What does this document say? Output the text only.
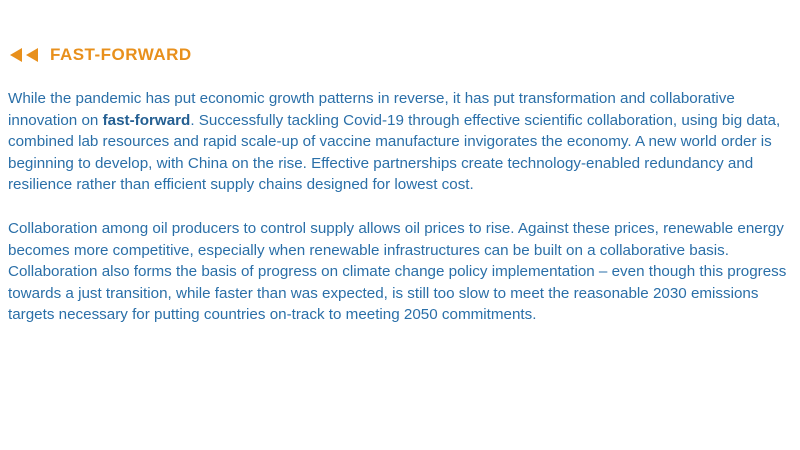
FAST-FORWARD

While the pandemic has put economic growth patterns in reverse, it has put transformation and collaborative innovation on fast-forward. Successfully tackling Covid-19 through effective scientific collaboration, using big data, combined lab resources and rapid scale-up of vaccine manufacture invigorates the economy. A new world order is beginning to develop, with China on the rise. Effective partnerships create technology-enabled redundancy and resilience rather than efficient supply chains designed for lowest cost.

Collaboration among oil producers to control supply allows oil prices to rise. Against these prices, renewable energy becomes more competitive, especially when renewable infrastructures can be built on a collaborative basis. Collaboration also forms the basis of progress on climate change policy implementation – even though this progress towards a just transition, while faster than was expected, is still too slow to meet the reasonable 2030 emissions targets necessary for putting countries on-track to meeting 2050 commitments.
